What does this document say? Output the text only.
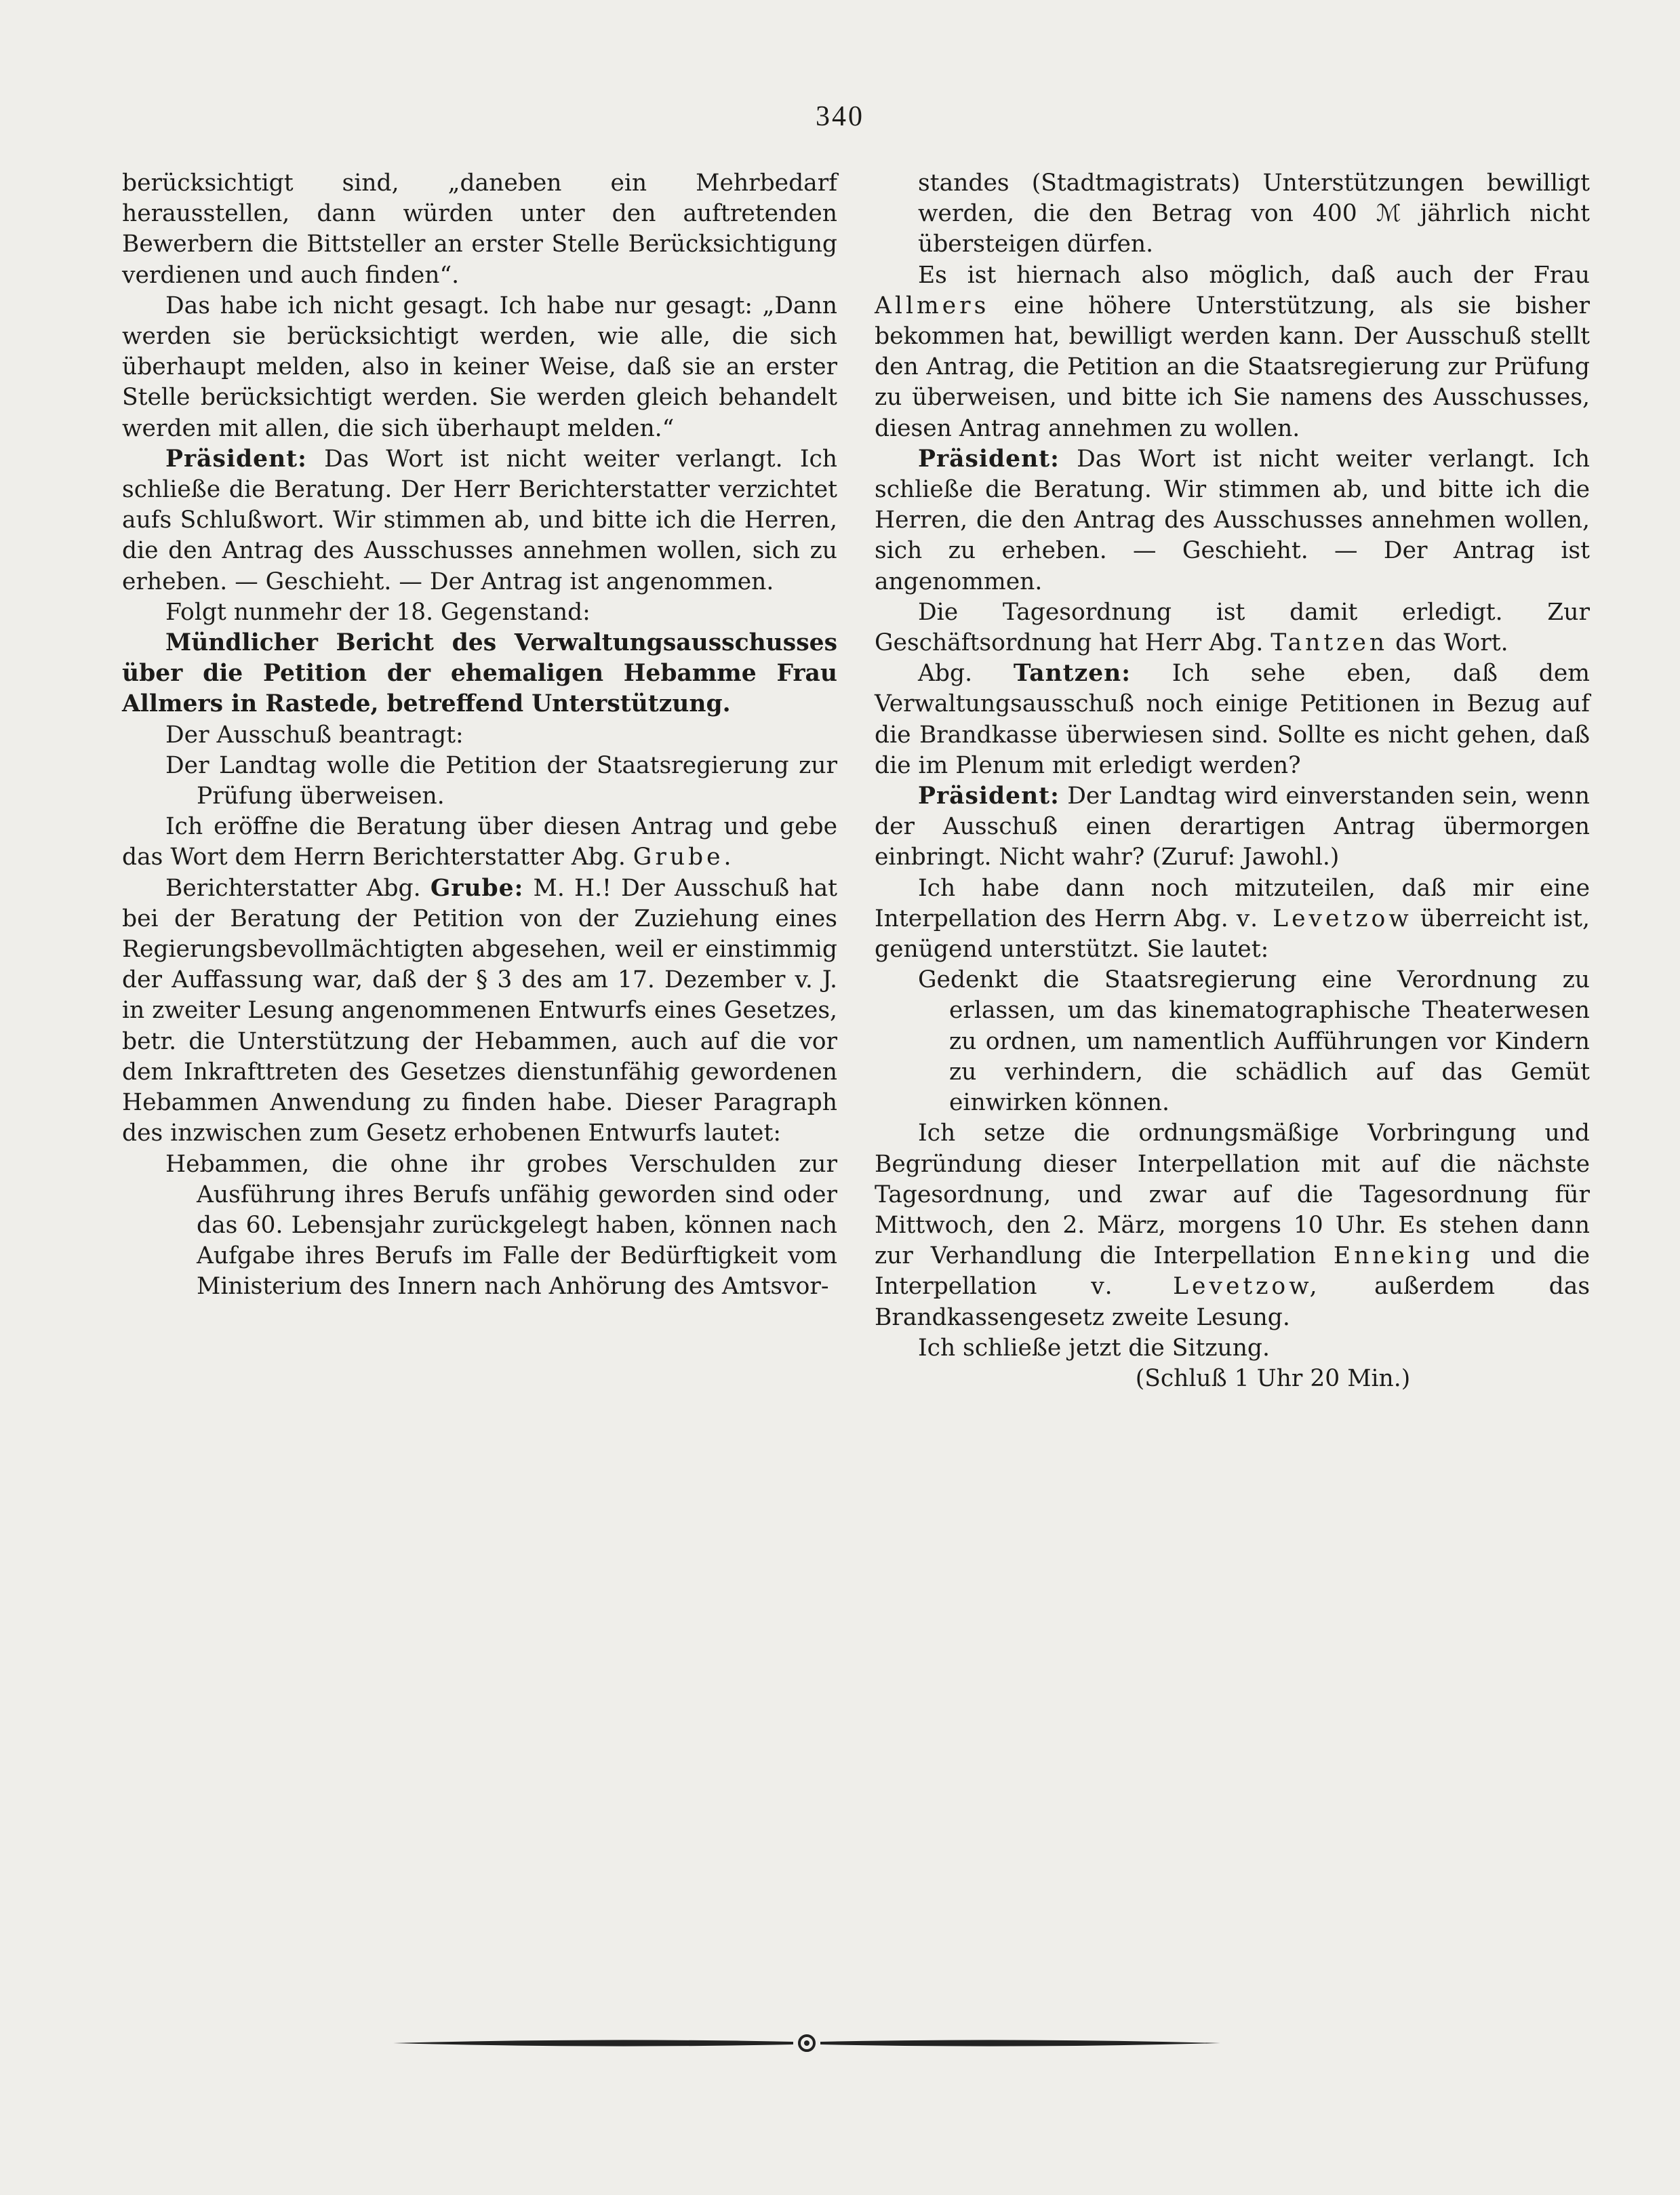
340

berücksichtigt sind, „daneben ein Mehrbedarf herausstellen, dann würden unter den auftretenden Bewerbern die Bittsteller an erster Stelle Berücksichtigung verdienen und auch finden“.

Das habe ich nicht gesagt. Ich habe nur gesagt: „Dann werden sie berücksichtigt werden, wie alle, die sich überhaupt melden, also in keiner Weise, daß sie an erster Stelle berücksichtigt werden. Sie werden gleich behandelt werden mit allen, die sich überhaupt melden.“

Präsident: Das Wort ist nicht weiter verlangt. Ich schließe die Beratung. Der Herr Berichterstatter verzichtet aufs Schlußwort. Wir stimmen ab, und bitte ich die Herren, die den Antrag des Ausschusses annehmen wollen, sich zu erheben. — Geschieht. — Der Antrag ist angenommen.

Folgt nunmehr der 18. Gegenstand:

Mündlicher Bericht des Verwaltungsausschusses über die Petition der ehemaligen Hebamme Frau Allmers in Rastede, betreffend Unterstützung.

Der Ausschuß beantragt:

Der Landtag wolle die Petition der Staatsregierung zur Prüfung überweisen.

Ich eröffne die Beratung über diesen Antrag und gebe das Wort dem Herrn Berichterstatter Abg. Grube.

Berichterstatter Abg. Grube: M. H.! Der Ausschuß hat bei der Beratung der Petition von der Zuziehung eines Regierungsbevollmächtigten abgesehen, weil er einstimmig der Auffassung war, daß der § 3 des am 17. Dezember v. J. in zweiter Lesung angenommenen Entwurfs eines Gesetzes, betr. die Unterstützung der Hebammen, auch auf die vor dem Inkrafttreten des Gesetzes dienstunfähig gewordenen Hebammen Anwendung zu finden habe. Dieser Paragraph des inzwischen zum Gesetz erhobenen Entwurfs lautet:

Hebammen, die ohne ihr grobes Verschulden zur Ausführung ihres Berufs unfähig geworden sind oder das 60. Lebensjahr zurückgelegt haben, können nach Aufgabe ihres Berufs im Falle der Bedürftigkeit vom Ministerium des Innern nach Anhörung des Amtsvor-

standes (Stadtmagistrats) Unterstützungen bewilligt werden, die den Betrag von 400 ℳ jährlich nicht übersteigen dürfen.

Es ist hiernach also möglich, daß auch der Frau Allmers eine höhere Unterstützung, als sie bisher bekommen hat, bewilligt werden kann. Der Ausschuß stellt den Antrag, die Petition an die Staatsregierung zur Prüfung zu überweisen, und bitte ich Sie namens des Ausschusses, diesen Antrag annehmen zu wollen.

Präsident: Das Wort ist nicht weiter verlangt. Ich schließe die Beratung. Wir stimmen ab, und bitte ich die Herren, die den Antrag des Ausschusses annehmen wollen, sich zu erheben. — Geschieht. — Der Antrag ist angenommen.

Die Tagesordnung ist damit erledigt. Zur Geschäftsordnung hat Herr Abg. Tantzen das Wort.

Abg. Tantzen: Ich sehe eben, daß dem Verwaltungsausschuß noch einige Petitionen in Bezug auf die Brandkasse überwiesen sind. Sollte es nicht gehen, daß die im Plenum mit erledigt werden?

Präsident: Der Landtag wird einverstanden sein, wenn der Ausschuß einen derartigen Antrag übermorgen einbringt. Nicht wahr? (Zuruf: Jawohl.)

Ich habe dann noch mitzuteilen, daß mir eine Interpellation des Herrn Abg. v. Levetzow überreicht ist, genügend unterstützt. Sie lautet:

Gedenkt die Staatsregierung eine Verordnung zu erlassen, um das kinematographische Theaterwesen zu ordnen, um namentlich Aufführungen vor Kindern zu verhindern, die schädlich auf das Gemüt einwirken können.

Ich setze die ordnungsmäßige Vorbringung und Begründung dieser Interpellation mit auf die nächste Tagesordnung, und zwar auf die Tagesordnung für Mittwoch, den 2. März, morgens 10 Uhr. Es stehen dann zur Verhandlung die Interpellation Enneking und die Interpellation v. Levetzow, außerdem das Brandkassengesetz zweite Lesung.

Ich schließe jetzt die Sitzung.

(Schluß 1 Uhr 20 Min.)
